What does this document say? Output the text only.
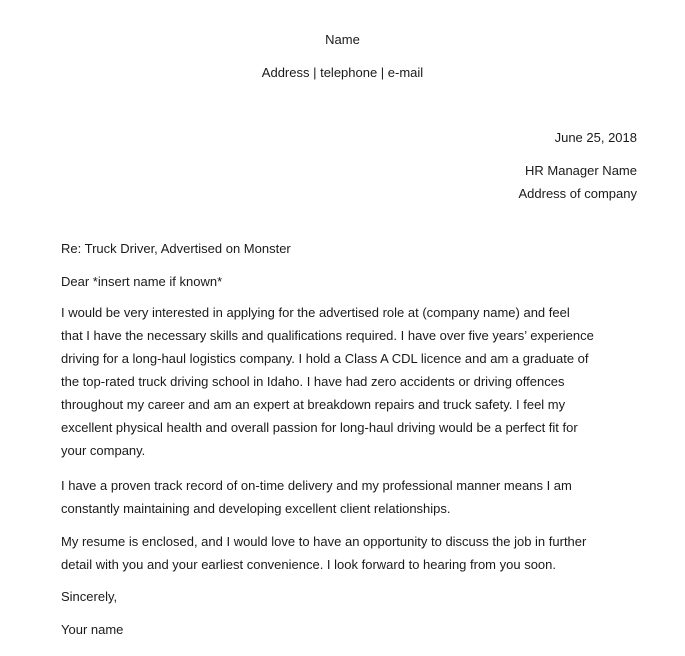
Name
Address | telephone | e-mail
June 25, 2018
HR Manager Name
Address of company
Re: Truck Driver, Advertised on Monster
Dear *insert name if known*
I would be very interested in applying for the advertised role at (company name) and feel
that I have the necessary skills and qualifications required. I have over five years’ experience
driving for a long-haul logistics company. I hold a Class A CDL licence and am a graduate of
the top-rated truck driving school in Idaho. I have had zero accidents or driving offences
throughout my career and am an expert at breakdown repairs and truck safety. I feel my
excellent physical health and overall passion for long-haul driving would be a perfect fit for
your company.
I have a proven track record of on-time delivery and my professional manner means I am
constantly maintaining and developing excellent client relationships.
My resume is enclosed, and I would love to have an opportunity to discuss the job in further
detail with you and your earliest convenience. I look forward to hearing from you soon.
Sincerely,
Your name
